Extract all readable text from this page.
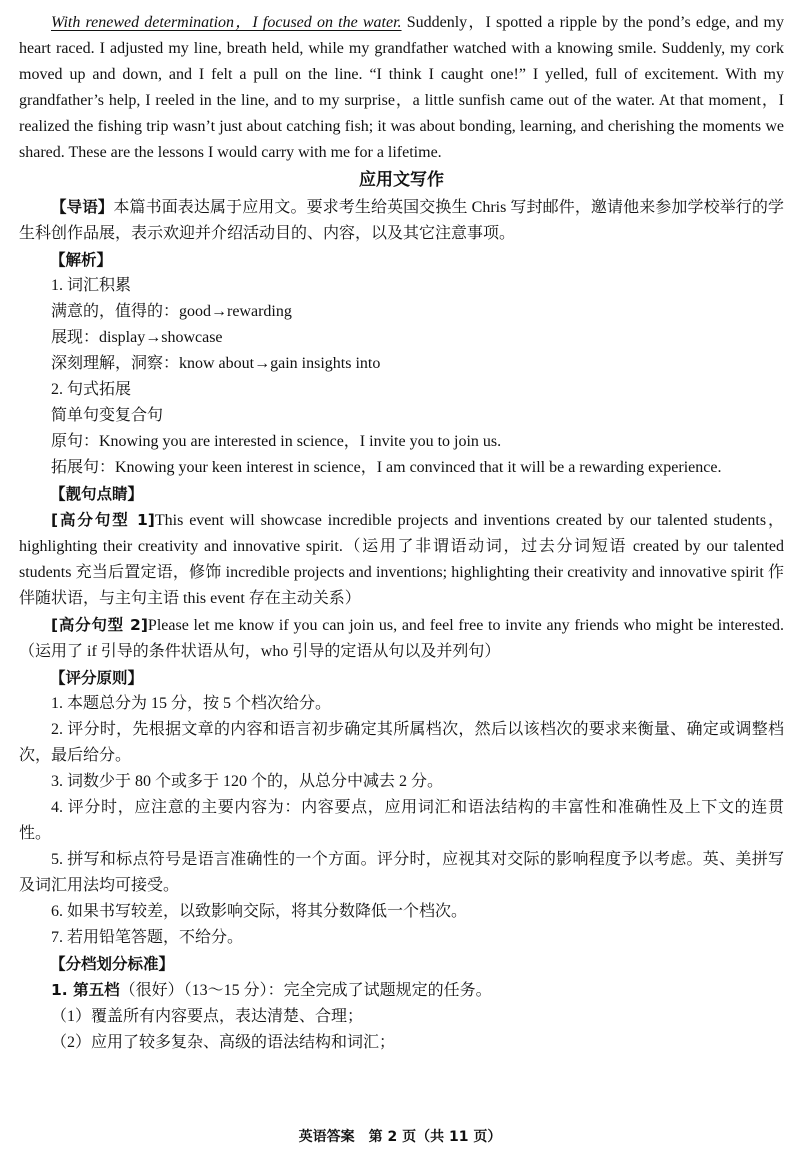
With renewed determination，I focused on the water. Suddenly，I spotted a ripple by the pond’s edge, and my heart raced. I adjusted my line, breath held, while my grandfather watched with a knowing smile. Suddenly, my cork moved up and down, and I felt a pull on the line. “I think I caught one!” I yelled, full of excitement. With my grandfather’s help, I reeled in the line, and to my surprise，a little sunfish came out of the water. At that moment，I realized the fishing trip wasn’t just about catching fish; it was about bonding, learning, and cherishing the moments we shared. These are the lessons I would carry with me for a lifetime.

应用文写作

【导语】本篇书面表达属于应用文。要求考生给英国交换生 Chris 写封邮件，邀请他来参加学校举行的学生科创作品展，表示欢迎并介绍活动目的、内容，以及其它注意事项。

【解析】

1. 词汇积累

满意的，值得的：good→rewarding

展现：display→showcase

深刻理解，洞察：know about→gain insights into

2. 句式拓展

简单句变复合句

原句：Knowing you are interested in science，I invite you to join us.

拓展句：Knowing your keen interest in science，I am convinced that it will be a rewarding experience.

【靓句点睛】

[高分句型 1]This event will showcase incredible projects and inventions created by our talented students，highlighting their creativity and innovative spirit.（运用了非谓语动词，过去分词短语 created by our talented students 充当后置定语，修饰 incredible projects and inventions; highlighting their creativity and innovative spirit 作伴随状语，与主句主语 this event 存在主动关系）

[高分句型 2]Please let me know if you can join us, and feel free to invite any friends who might be interested.（运用了 if 引导的条件状语从句，who 引导的定语从句以及并列句）

【评分原则】

1. 本题总分为 15 分，按 5 个档次给分。

2. 评分时，先根据文章的内容和语言初步确定其所属档次，然后以该档次的要求来衡量、确定或调整档次，最后给分。

3. 词数少于 80 个或多于 120 个的，从总分中减去 2 分。

4. 评分时，应注意的主要内容为：内容要点，应用词汇和语法结构的丰富性和准确性及上下文的连贯性。

5. 拼写和标点符号是语言准确性的一个方面。评分时，应视其对交际的影响程度予以考虑。英、美拼写及词汇用法均可接受。

6. 如果书写较差，以致影响交际，将其分数降低一个档次。

7. 若用铅笔答题，不给分。

【分档划分标准】

1. 第五档（很好）（13～15 分）：完全完成了试题规定的任务。

（1）覆盖所有内容要点，表达清楚、合理；

（2）应用了较多复杂、高级的语法结构和词汇；

英语答案　第 2 页（共 11 页）
